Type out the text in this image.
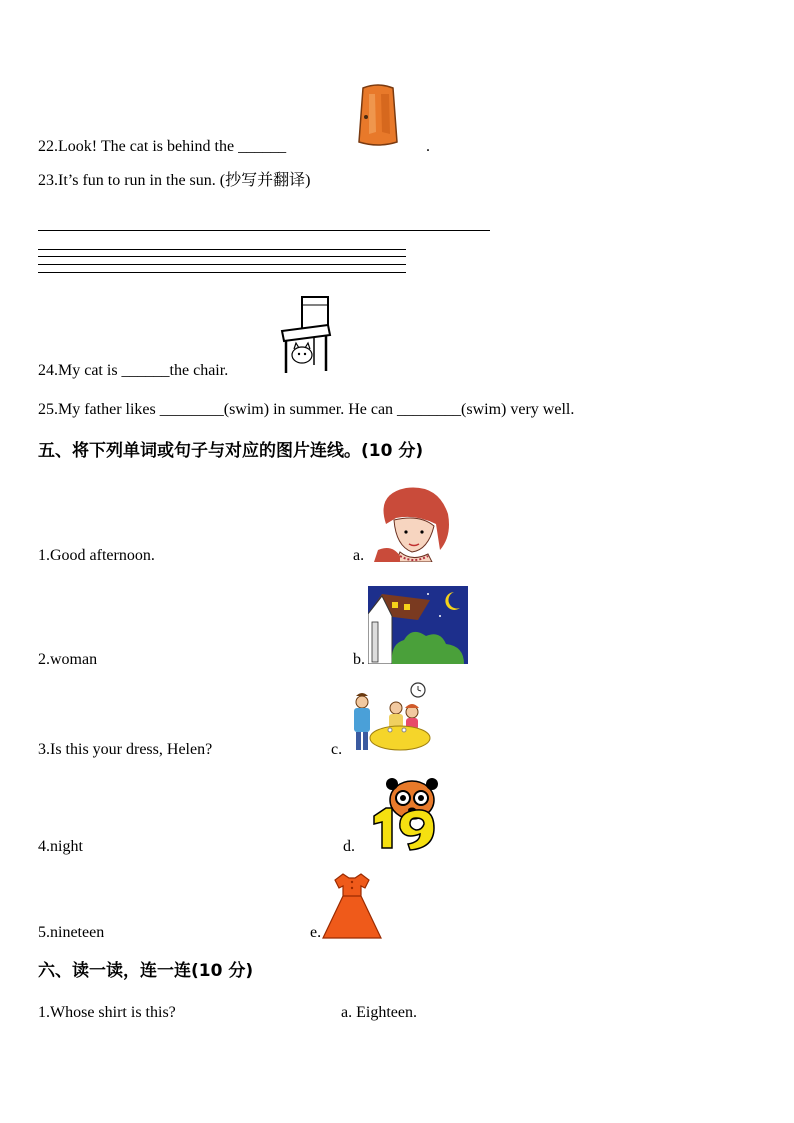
22.Look! The cat is behind the ______	.
23.It’s fun to run in the sun. (抄写并翻译)
24.My cat is ______the chair.
25.My father likes ________(swim) in summer. He can ________(swim) very well.
五、将下列单词或句子与对应的图片连线。(10 分)
1.Good afternoon.	a.
2.woman	b.
3.Is this your dress, Helen?	c.
4.night	d.
5.nineteen	e.
六、读一读，连一连(10 分)
1.Whose shirt is this?	a. Eighteen.
